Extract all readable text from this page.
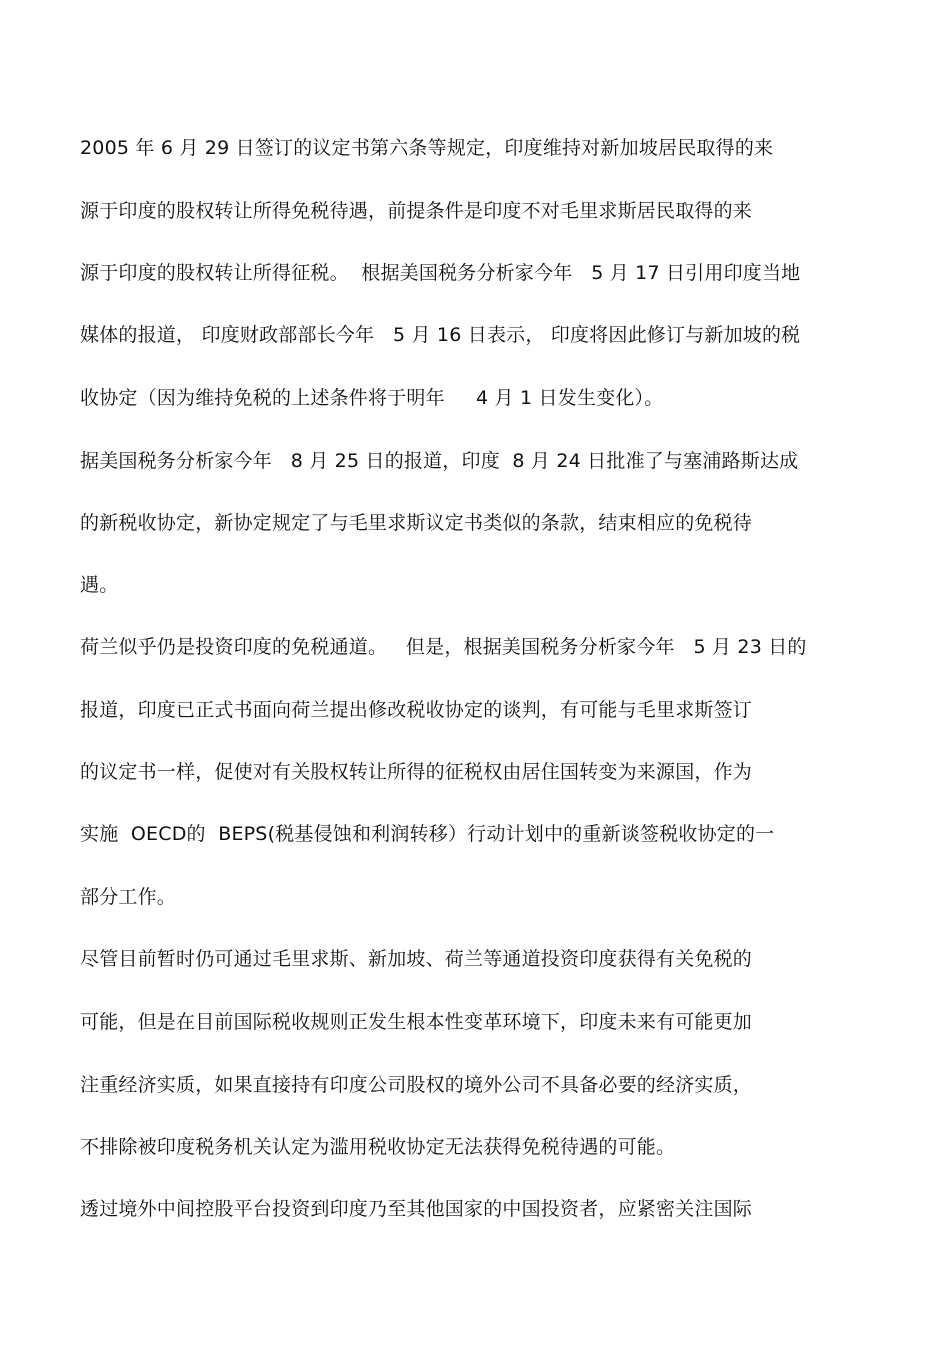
2005 年 6 月 29 日签订的议定书第六条等规定，印度维持对新加坡居民取得的来
源于印度的股权转让所得免税待遇，前提条件是印度不对毛里求斯居民取得的来
源于印度的股权转让所得征税。  根据美国税务分析家今年   5 月 17 日引用印度当地
媒体的报道， 印度财政部部长今年   5 月 16 日表示， 印度将因此修订与新加坡的税
收协定（因为维持免税的上述条件将于明年     4 月 1 日发生变化）。
据美国税务分析家今年   8 月 25 日的报道，印度  8 月 24 日批准了与塞浦路斯达成
的新税收协定，新协定规定了与毛里求斯议定书类似的条款，结束相应的免税待
遇。
荷兰似乎仍是投资印度的免税通道。   但是，根据美国税务分析家今年   5 月 23 日的
报道，印度已正式书面向荷兰提出修改税收协定的谈判，有可能与毛里求斯签订
的议定书一样，促使对有关股权转让所得的征税权由居住国转变为来源国，作为
实施  OECD的  BEPS(税基侵蚀和利润转移）行动计划中的重新谈签税收协定的一
部分工作。
尽管目前暂时仍可通过毛里求斯、新加坡、荷兰等通道投资印度获得有关免税的
可能，但是在目前国际税收规则正发生根本性变革环境下，印度未来有可能更加
注重经济实质，如果直接持有印度公司股权的境外公司不具备必要的经济实质，
不排除被印度税务机关认定为滥用税收协定无法获得免税待遇的可能。
透过境外中间控股平台投资到印度乃至其他国家的中国投资者，应紧密关注国际
